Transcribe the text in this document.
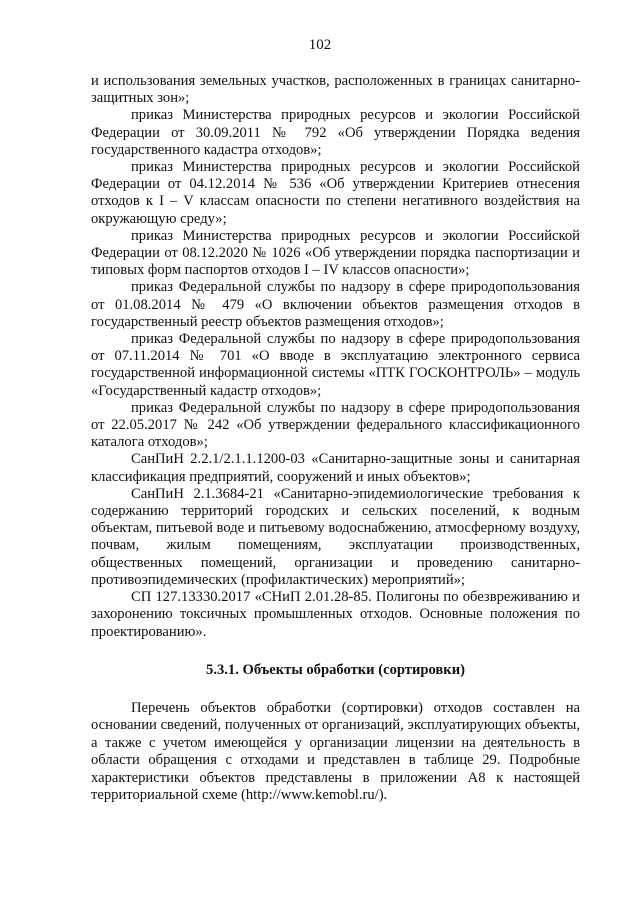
102

и использования земельных участков, расположенных в границах санитарно-защитных зон»;

приказ Министерства природных ресурсов и экологии Российской Федерации от 30.09.2011 № 792 «Об утверждении Порядка ведения государственного кадастра отходов»;

приказ Министерства природных ресурсов и экологии Российской Федерации от 04.12.2014 № 536 «Об утверждении Критериев отнесения отходов к I – V классам опасности по степени негативного воздействия на окружающую среду»;

приказ Министерства природных ресурсов и экологии Российской Федерации от 08.12.2020 № 1026 «Об утверждении порядка паспортизации и типовых форм паспортов отходов I – IV классов опасности»;

приказ Федеральной службы по надзору в сфере природопользования от 01.08.2014 № 479 «О включении объектов размещения отходов в государственный реестр объектов размещения отходов»;

приказ Федеральной службы по надзору в сфере природопользования от 07.11.2014 № 701 «О вводе в эксплуатацию электронного сервиса государственной информационной системы «ПТК ГОСКОНТРОЛЬ» – модуль «Государственный кадастр отходов»;

приказ Федеральной службы по надзору в сфере природопользования от 22.05.2017 № 242 «Об утверждении федерального классификационного каталога отходов»;

СанПиН 2.2.1/2.1.1.1200-03 «Санитарно-защитные зоны и санитарная классификация предприятий, сооружений и иных объектов»;

СанПиН 2.1.3684-21 «Санитарно-эпидемиологические требования к содержанию территорий городских и сельских поселений, к водным объектам, питьевой воде и питьевому водоснабжению, атмосферному воздуху, почвам, жилым помещениям, эксплуатации производственных, общественных помещений, организации и проведению санитарно-противоэпидемических (профилактических) мероприятий»;

СП 127.13330.2017 «СНиП 2.01.28-85. Полигоны по обезвреживанию и захоронению токсичных промышленных отходов. Основные положения по проектированию».

5.3.1. Объекты обработки (сортировки)

Перечень объектов обработки (сортировки) отходов составлен на основании сведений, полученных от организаций, эксплуатирующих объекты, а также с учетом имеющейся у организации лицензии на деятельность в области обращения с отходами и представлен в таблице 29. Подробные характеристики объектов представлены в приложении А8 к настоящей территориальной схеме (http://www.kemobl.ru/).
